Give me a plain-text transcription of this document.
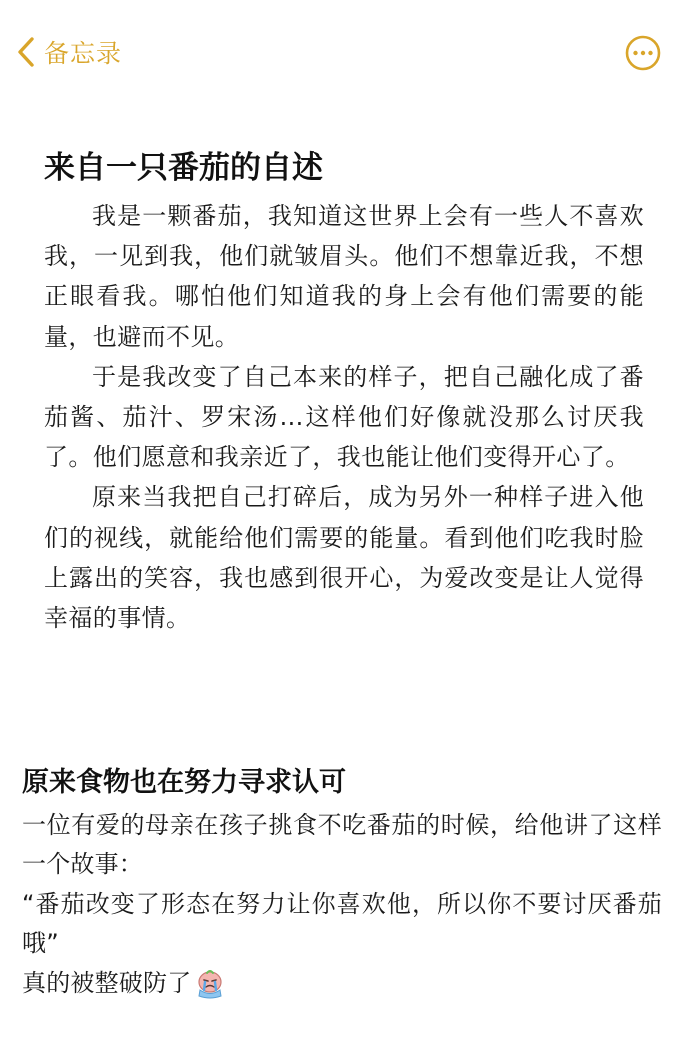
备忘录
来自一只番茄的自述

我是一颗番茄，我知道这世界上会有一些人不喜欢我，一见到我，他们就皱眉头。他们不想靠近我，不想正眼看我。哪怕他们知道我的身上会有他们需要的能量，也避而不见。

于是我改变了自己本来的样子，把自己融化成了番茄酱、茄汁、罗宋汤...这样他们好像就没那么讨厌我了。他们愿意和我亲近了，我也能让他们变得开心了。

原来当我把自己打碎后，成为另外一种样子进入他们的视线，就能给他们需要的能量。看到他们吃我时脸上露出的笑容，我也感到很开心，为爱改变是让人觉得幸福的事情。

原来食物也在努力寻求认可

一位有爱的母亲在孩子挑食不吃番茄的时候，给他讲了这样一个故事：

“番茄改变了形态在努力让你喜欢他，所以你不要讨厌番茄哦”

真的被整破防了
